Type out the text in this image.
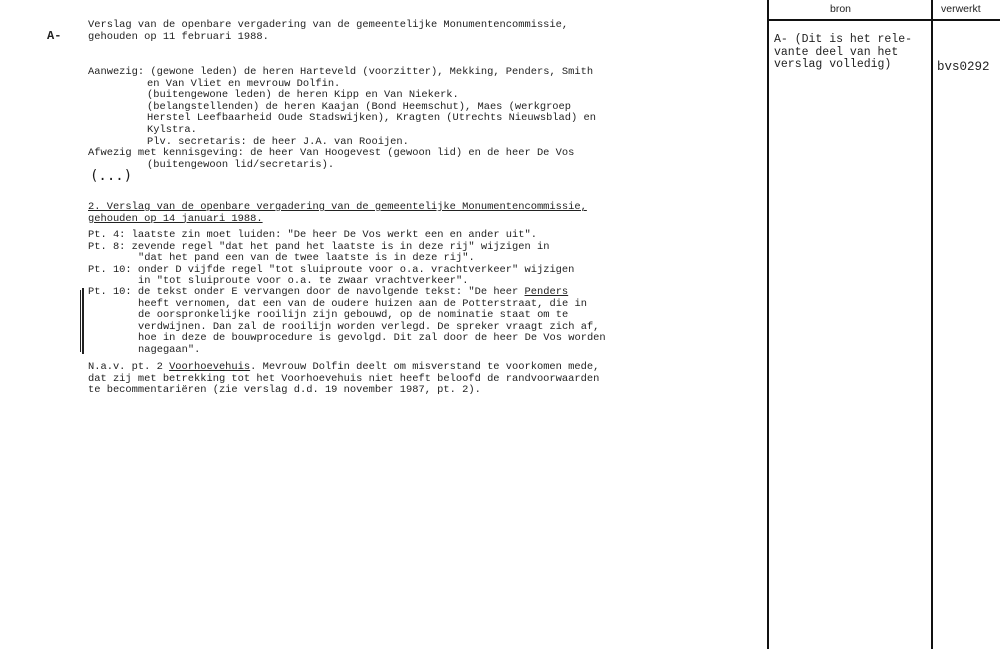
A-
Verslag van de openbare vergadering van de gemeentelijke Monumentencommissie,
gehouden op 11 februari 1988.
Aanwezig: (gewone leden) de heren Harteveld (voorzitter), Mekking, Penders, Smith
en Van Vliet en mevrouw Dolfin.
(buitengewone leden) de heren Kipp en Van Niekerk.
(belangstellenden) de heren Kaajan (Bond Heemschut), Maes (werkgroep
Herstel Leefbaarheid Oude Stadswijken), Kragten (Utrechts Nieuwsblad) en
Kylstra.
Plv. secretaris: de heer J.A. van Rooijen.
Afwezig met kennisgeving: de heer Van Hoogevest (gewoon lid) en de heer De Vos
(buitengewoon lid/secretaris).
(...)
2. Verslag van de openbare vergadering van de gemeentelijke Monumentencommissie,
gehouden op 14 januari 1988.
Pt. 4: laatste zin moet luiden: "De heer De Vos werkt een en ander uit".
Pt. 8: zevende regel "dat het pand het laatste is in deze rij" wijzigen in
"dat het pand een van de twee laatste is in deze rij".
Pt. 10: onder D vijfde regel "tot sluiproute voor o.a. vrachtverkeer" wijzigen
in "tot sluiproute voor o.a. te zwaar vrachtverkeer".
Pt. 10: de tekst onder E vervangen door de navolgende tekst: "De heer Penders
heeft vernomen, dat een van de oudere huizen aan de Potterstraat, die in
de oorspronkelijke rooilijn zijn gebouwd, op de nominatie staat om te
verdwijnen. Dan zal de rooilijn worden verlegd. De spreker vraagt zich af,
hoe in deze de bouwprocedure is gevolgd. Dit zal door de heer De Vos worden
nagegaan".
N.a.v. pt. 2 Voorhoevehuis. Mevrouw Dolfin deelt om misverstand te voorkomen mede,
dat zij met betrekking tot het Voorhoevehuis niet heeft beloofd de randvoorwaarden
te becommentariëren (zie verslag d.d. 19 november 1987, pt. 2).
bron	verwerkt
A- (Dit is het rele-
vante deel van het
verslag volledig)	bvs0292
